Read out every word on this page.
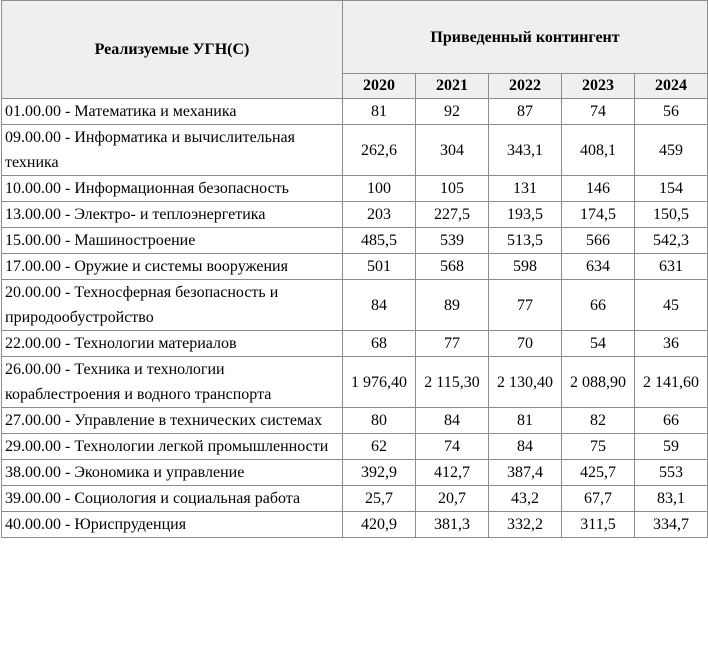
Реализуемые УГН(С)	Приведенный контингент				
	2020	2021	2022	2023	2024
01.00.00 - Математика и механика	81	92	87	74	56
09.00.00 - Информатика и вычислительная техника	262,6	304	343,1	408,1	459
10.00.00 - Информационная безопасность	100	105	131	146	154
13.00.00 - Электро- и теплоэнергетика	203	227,5	193,5	174,5	150,5
15.00.00 - Машиностроение	485,5	539	513,5	566	542,3
17.00.00 - Оружие и системы вооружения	501	568	598	634	631
20.00.00 - Техносферная безопасность и природообустройство	84	89	77	66	45
22.00.00 - Технологии материалов	68	77	70	54	36
26.00.00 - Техника и технологии кораблестроения и водного транспорта	1 976,40	2 115,30	2 130,40	2 088,90	2 141,60
27.00.00 - Управление в технических системах	80	84	81	82	66
29.00.00 - Технологии легкой промышленности	62	74	84	75	59
38.00.00 - Экономика и управление	392,9	412,7	387,4	425,7	553
39.00.00 - Социология и социальная работа	25,7	20,7	43,2	67,7	83,1
40.00.00 - Юриспруденция	420,9	381,3	332,2	311,5	334,7
